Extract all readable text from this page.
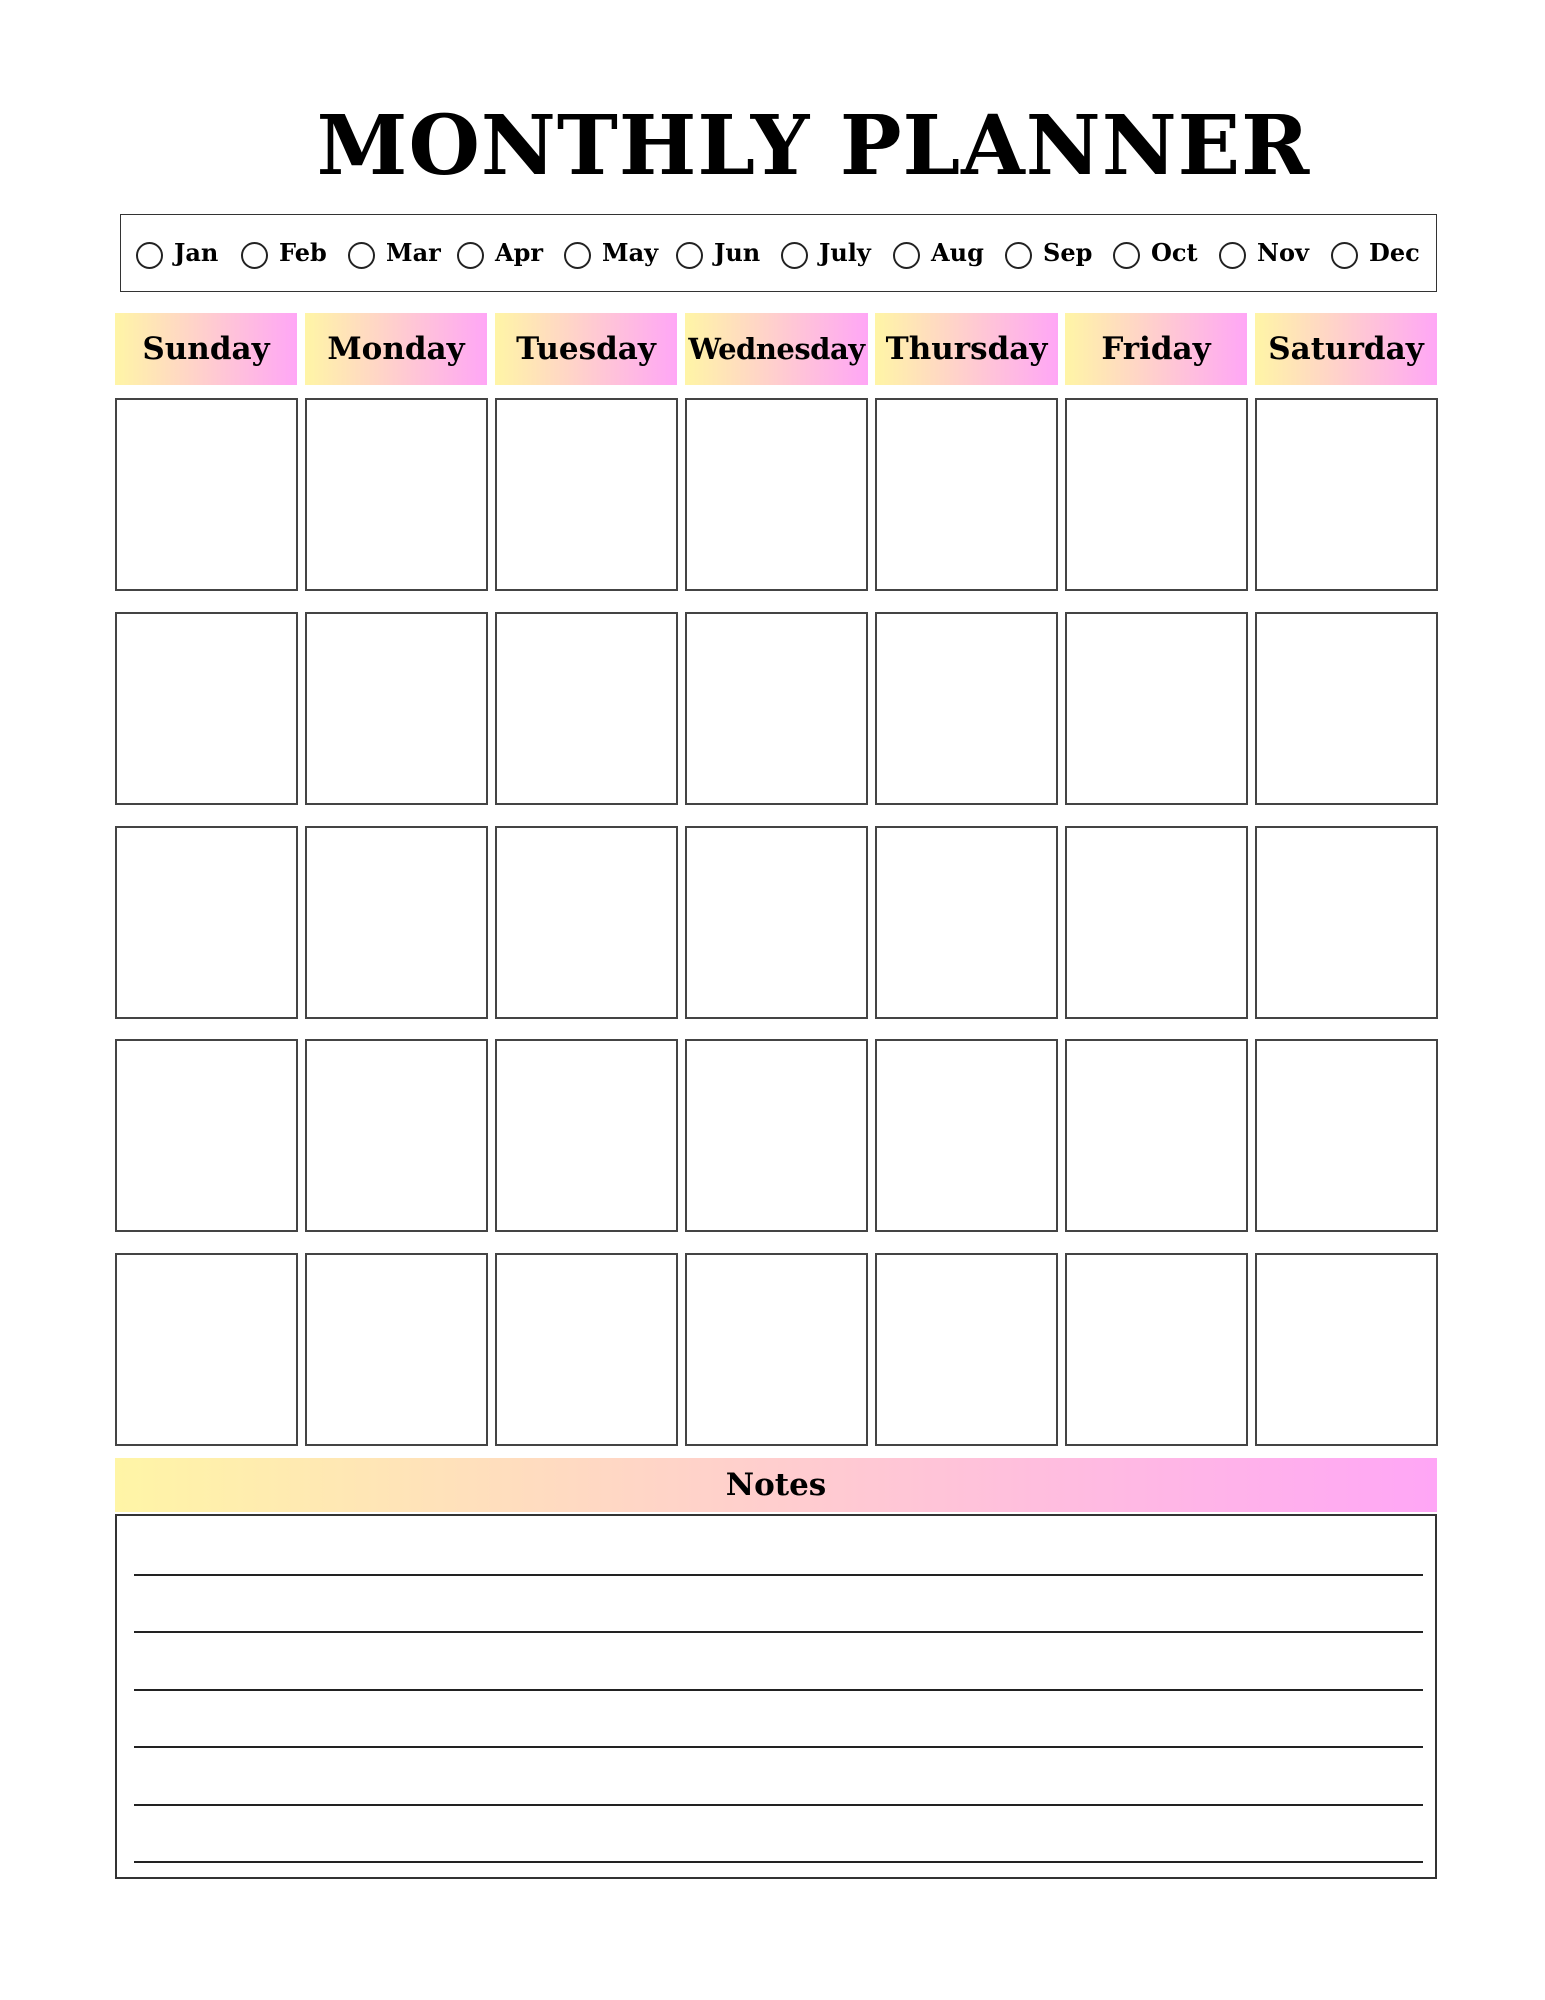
MONTHLY PLANNER
Jan	Feb Mar Apr May Jun July	Aug Sep Oct Nov	Dec
Sunday	Monday	Tuesday	Wednesday Thursday	Friday	Saturday
Notes
